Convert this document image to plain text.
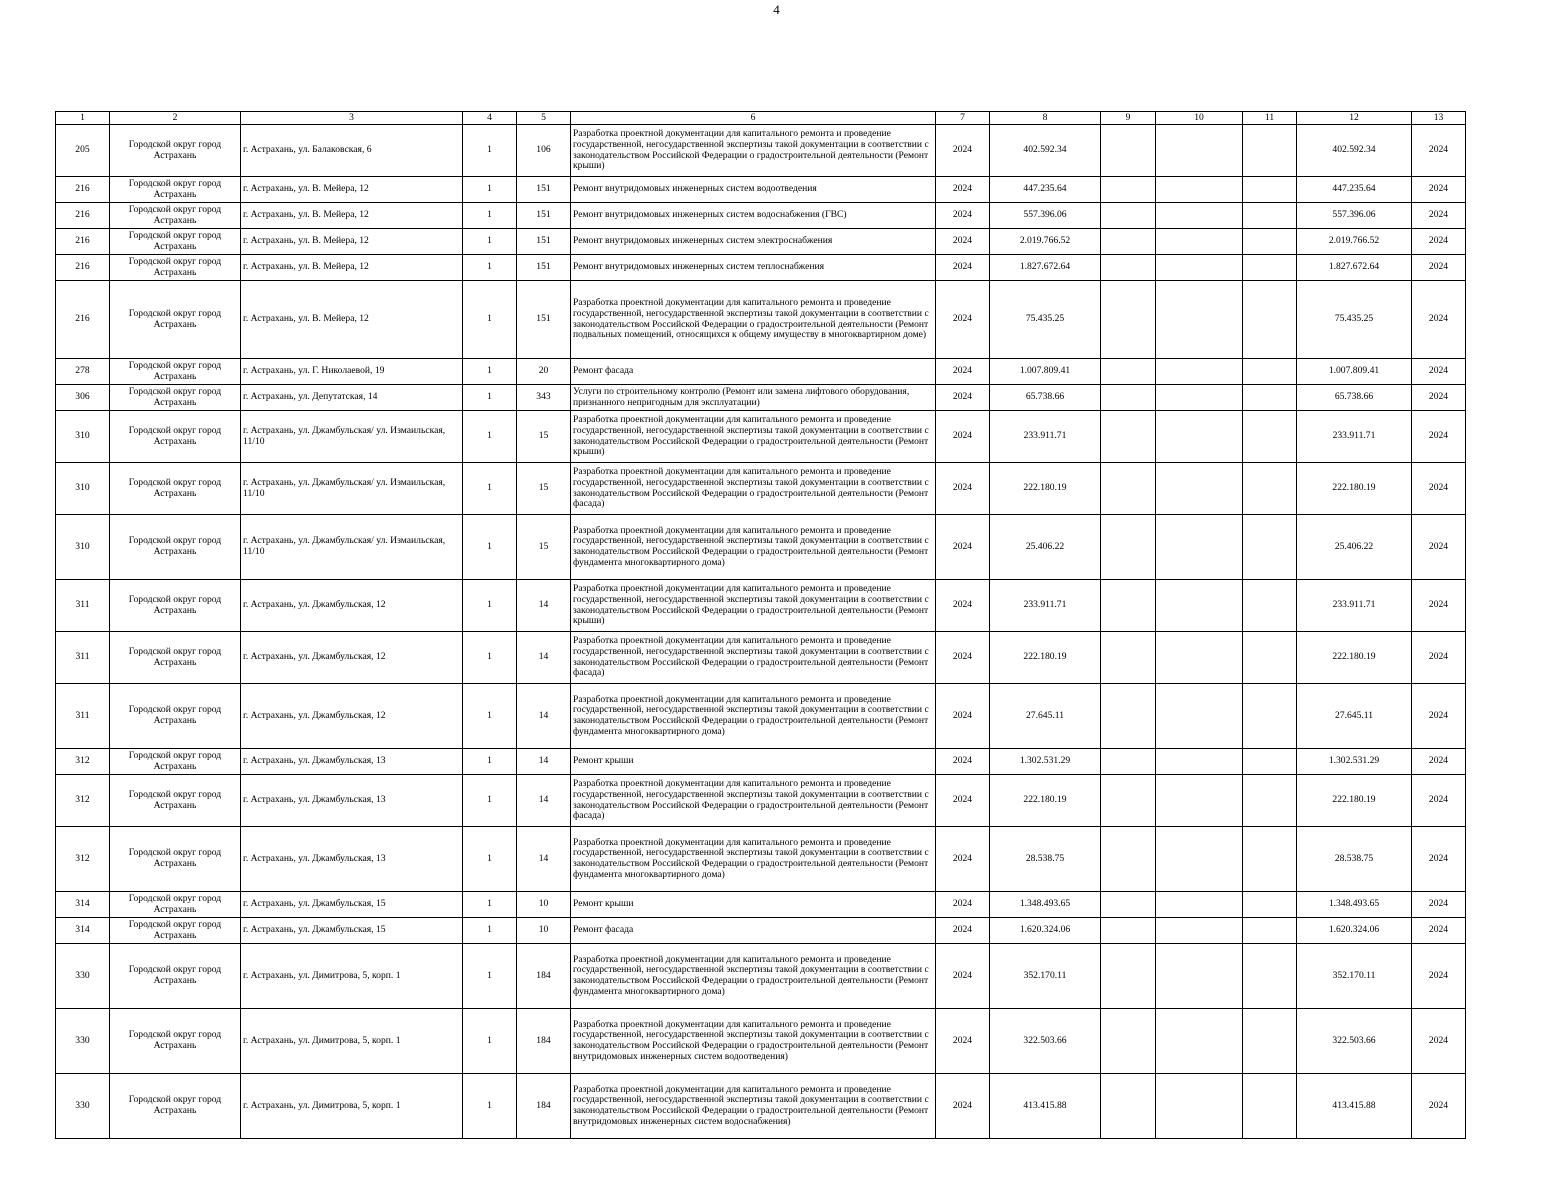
4
1	2	3	4	5	6	7	8	9	10	11	12	13
205	Городской округ город Астрахань	г. Астрахань, ул. Балаковская, 6	1	106	Разработка проектной документации для капитального ремонта и проведение государственной, негосударственной экспертизы такой документации в соответствии с законодательством Российской Федерации о градостроительной деятельности (Ремонт крыши)	2024	402.592.34				402.592.34	2024
216	Городской округ город Астрахань	г. Астрахань, ул. В. Мейера, 12	1	151	Ремонт внутридомовых инженерных систем водоотведения	2024	447.235.64				447.235.64	2024
216	Городской округ город Астрахань	г. Астрахань, ул. В. Мейера, 12	1	151	Ремонт внутридомовых инженерных систем водоснабжения (ГВС)	2024	557.396.06				557.396.06	2024
216	Городской округ город Астрахань	г. Астрахань, ул. В. Мейера, 12	1	151	Ремонт внутридомовых инженерных систем электроснабжения	2024	2.019.766.52				2.019.766.52	2024
216	Городской округ город Астрахань	г. Астрахань, ул. В. Мейера, 12	1	151	Ремонт внутридомовых инженерных систем теплоснабжения	2024	1.827.672.64				1.827.672.64	2024
216	Городской округ город Астрахань	г. Астрахань, ул. В. Мейера, 12	1	151	Разработка проектной документации для капитального ремонта и проведение государственной, негосударственной экспертизы такой документации в соответствии с законодательством Российской Федерации о градостроительной деятельности (Ремонт подвальных помещений, относящихся к общему имуществу в многоквартирном доме)	2024	75.435.25				75.435.25	2024
278	Городской округ город Астрахань	г. Астрахань, ул. Г. Николаевой, 19	1	20	Ремонт фасада	2024	1.007.809.41				1.007.809.41	2024
306	Городской округ город Астрахань	г. Астрахань, ул. Депутатская, 14	1	343	Услуги по строительному контролю (Ремонт или замена лифтового оборудования, признанного непригодным для эксплуатации)	2024	65.738.66				65.738.66	2024
310	Городской округ город Астрахань	г. Астрахань, ул. Джамбульская/ ул. Измаильская, 11/10	1	15	Разработка проектной документации для капитального ремонта и проведение государственной, негосударственной экспертизы такой документации в соответствии с законодательством Российской Федерации о градостроительной деятельности (Ремонт крыши)	2024	233.911.71				233.911.71	2024
310	Городской округ город Астрахань	г. Астрахань, ул. Джамбульская/ ул. Измаильская, 11/10	1	15	Разработка проектной документации для капитального ремонта и проведение государственной, негосударственной экспертизы такой документации в соответствии с законодательством Российской Федерации о градостроительной деятельности (Ремонт фасада)	2024	222.180.19				222.180.19	2024
310	Городской округ город Астрахань	г. Астрахань, ул. Джамбульская/ ул. Измаильская, 11/10	1	15	Разработка проектной документации для капитального ремонта и проведение государственной, негосударственной экспертизы такой документации в соответствии с законодательством Российской Федерации о градостроительной деятельности (Ремонт фундамента многоквартирного дома)	2024	25.406.22				25.406.22	2024
311	Городской округ город Астрахань	г. Астрахань, ул. Джамбульская, 12	1	14	Разработка проектной документации для капитального ремонта и проведение государственной, негосударственной экспертизы такой документации в соответствии с законодательством Российской Федерации о градостроительной деятельности (Ремонт крыши)	2024	233.911.71				233.911.71	2024
311	Городской округ город Астрахань	г. Астрахань, ул. Джамбульская, 12	1	14	Разработка проектной документации для капитального ремонта и проведение государственной, негосударственной экспертизы такой документации в соответствии с законодательством Российской Федерации о градостроительной деятельности (Ремонт фасада)	2024	222.180.19				222.180.19	2024
311	Городской округ город Астрахань	г. Астрахань, ул. Джамбульская, 12	1	14	Разработка проектной документации для капитального ремонта и проведение государственной, негосударственной экспертизы такой документации в соответствии с законодательством Российской Федерации о градостроительной деятельности (Ремонт фундамента многоквартирного дома)	2024	27.645.11				27.645.11	2024
312	Городской округ город Астрахань	г. Астрахань, ул. Джамбульская, 13	1	14	Ремонт крыши	2024	1.302.531.29				1.302.531.29	2024
312	Городской округ город Астрахань	г. Астрахань, ул. Джамбульская, 13	1	14	Разработка проектной документации для капитального ремонта и проведение государственной, негосударственной экспертизы такой документации в соответствии с законодательством Российской Федерации о градостроительной деятельности (Ремонт фасада)	2024	222.180.19				222.180.19	2024
312	Городской округ город Астрахань	г. Астрахань, ул. Джамбульская, 13	1	14	Разработка проектной документации для капитального ремонта и проведение государственной, негосударственной экспертизы такой документации в соответствии с законодательством Российской Федерации о градостроительной деятельности (Ремонт фундамента многоквартирного дома)	2024	28.538.75				28.538.75	2024
314	Городской округ город Астрахань	г. Астрахань, ул. Джамбульская, 15	1	10	Ремонт крыши	2024	1.348.493.65				1.348.493.65	2024
314	Городской округ город Астрахань	г. Астрахань, ул. Джамбульская, 15	1	10	Ремонт фасада	2024	1.620.324.06				1.620.324.06	2024
330	Городской округ город Астрахань	г. Астрахань, ул. Димитрова, 5, корп. 1	1	184	Разработка проектной документации для капитального ремонта и проведение государственной, негосударственной экспертизы такой документации в соответствии с законодательством Российской Федерации о градостроительной деятельности (Ремонт фундамента многоквартирного дома)	2024	352.170.11				352.170.11	2024
330	Городской округ город Астрахань	г. Астрахань, ул. Димитрова, 5, корп. 1	1	184	Разработка проектной документации для капитального ремонта и проведение государственной, негосударственной экспертизы такой документации в соответствии с законодательством Российской Федерации о градостроительной деятельности (Ремонт внутридомовых инженерных систем водоотведения)	2024	322.503.66				322.503.66	2024
330	Городской округ город Астрахань	г. Астрахань, ул. Димитрова, 5, корп. 1	1	184	Разработка проектной документации для капитального ремонта и проведение государственной, негосударственной экспертизы такой документации в соответствии с законодательством Российской Федерации о градостроительной деятельности (Ремонт внутридомовых инженерных систем водоснабжения)	2024	413.415.88				413.415.88	2024
